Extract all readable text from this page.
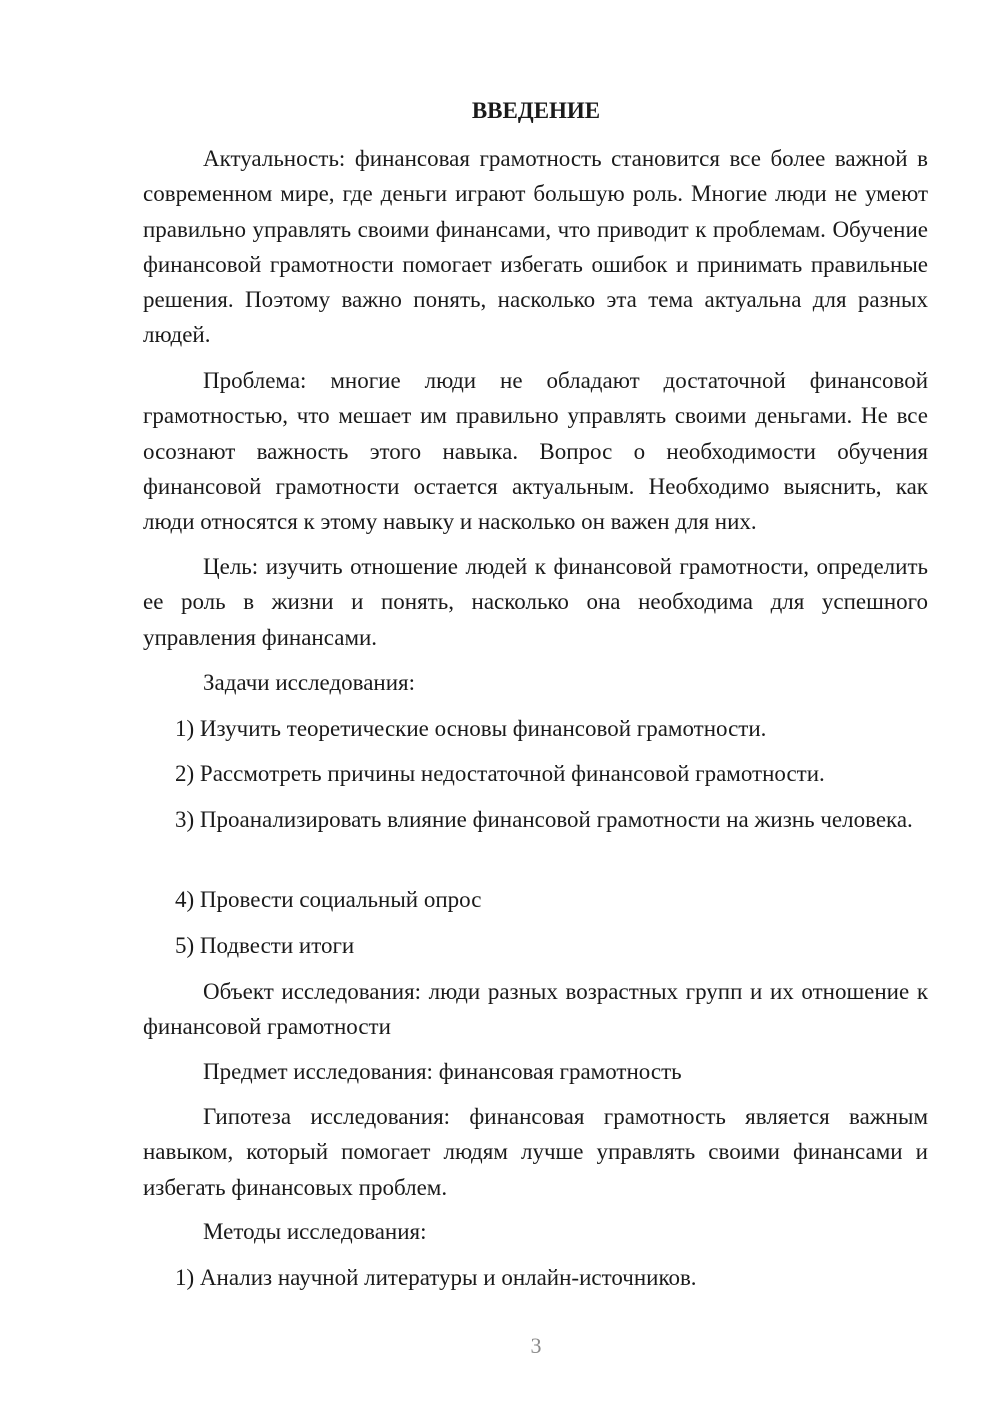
ВВЕДЕНИЕ

Актуальность: финансовая грамотность становится все более важной в современном мире, где деньги играют большую роль. Многие люди не умеют правильно управлять своими финансами, что приводит к проблемам. Обучение финансовой грамотности помогает избегать ошибок и принимать правильные решения. Поэтому важно понять, насколько эта тема актуальна для разных людей.

Проблема: многие люди не обладают достаточной финансовой грамотностью, что мешает им правильно управлять своими деньгами. Не все осознают важность этого навыка. Вопрос о необходимости обучения финансовой грамотности остается актуальным. Необходимо выяснить, как люди относятся к этому навыку и насколько он важен для них.

Цель: изучить отношение людей к финансовой грамотности, определить ее роль в жизни и понять, насколько она необходима для успешного управления финансами.

Задачи исследования:

1) Изучить теоретические основы финансовой грамотности.

2) Рассмотреть причины недостаточной финансовой грамотности.

3) Проанализировать влияние финансовой грамотности на жизнь человека.

4) Провести социальный опрос

5) Подвести итоги

Объект исследования: люди разных возрастных групп и их отношение к финансовой грамотности

Предмет исследования: финансовая грамотность

Гипотеза исследования: финансовая грамотность является важным навыком, который помогает людям лучше управлять своими финансами и избегать финансовых проблем.

Методы исследования:

1) Анализ научной литературы и онлайн-источников.

3
